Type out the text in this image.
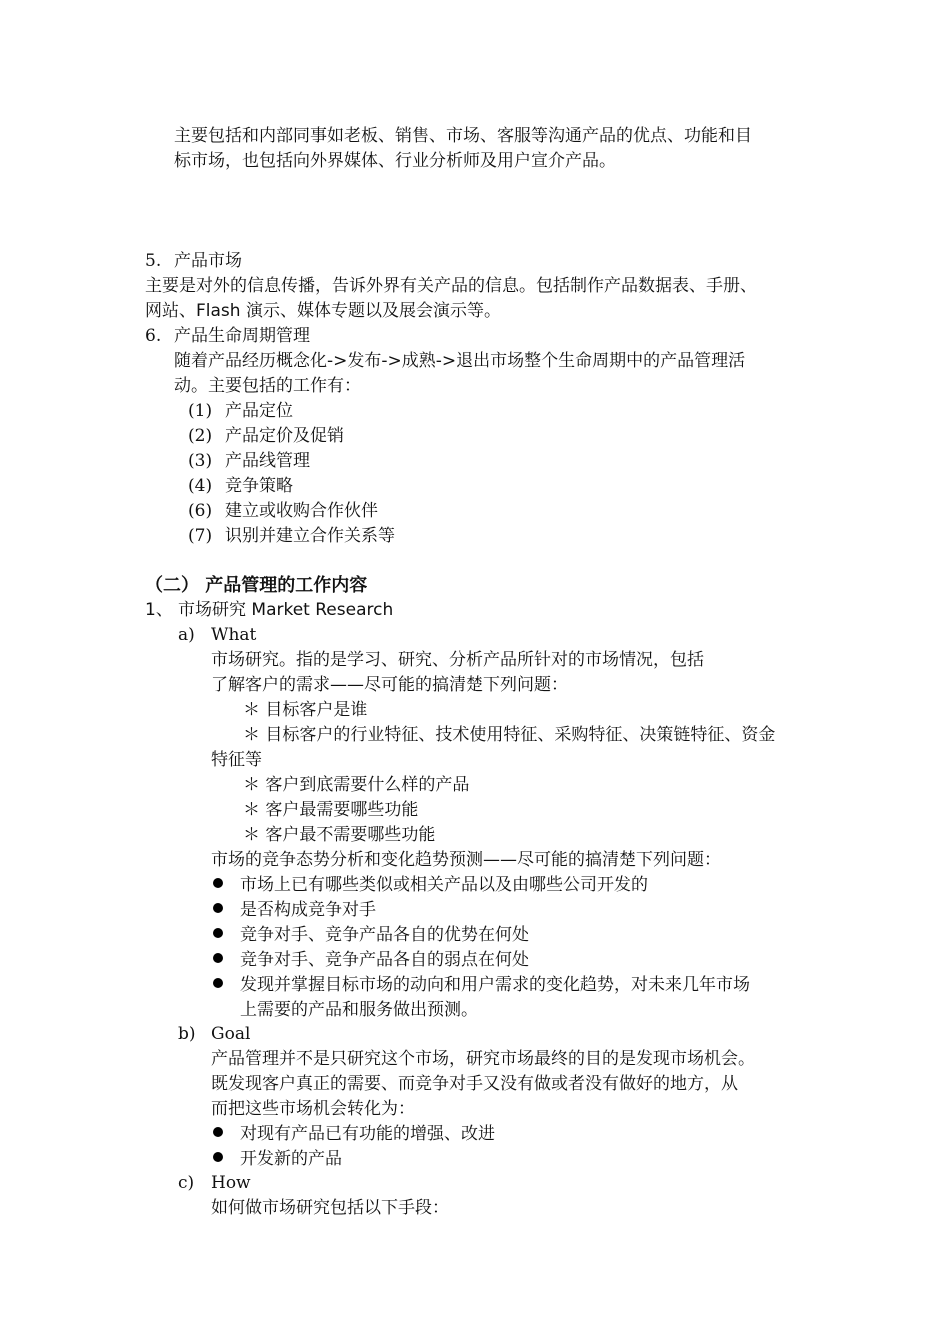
主要包括和内部同事如老板、销售、市场、客服等沟通产品的优点、功能和目
标市场，也包括向外界媒体、行业分析师及用户宣介产品。
5. 产品市场
主要是对外的信息传播，告诉外界有关产品的信息。包括制作产品数据表、手册、
网站、Flash 演示、媒体专题以及展会演示等。
6. 产品生命周期管理
随着产品经历概念化->发布->成熟->退出市场整个生命周期中的产品管理活
动。主要包括的工作有：
(1) 产品定位
(2) 产品定价及促销
(3) 产品线管理
(4) 竞争策略
(6) 建立或收购合作伙伴
(7) 识别并建立合作关系等
（二） 产品管理的工作内容
1、 市场研究 Market Research
a) What
市场研究。指的是学习、研究、分析产品所针对的市场情况，包括
了解客户的需求——尽可能的搞清楚下列问题：
＊ 目标客户是谁
＊ 目标客户的行业特征、技术使用特征、采购特征、决策链特征、资金
特征等
＊ 客户到底需要什么样的产品
＊ 客户最需要哪些功能
＊ 客户最不需要哪些功能
市场的竞争态势分析和变化趋势预测——尽可能的搞清楚下列问题：
市场上已有哪些类似或相关产品以及由哪些公司开发的
是否构成竞争对手
竞争对手、竞争产品各自的优势在何处
竞争对手、竞争产品各自的弱点在何处
发现并掌握目标市场的动向和用户需求的变化趋势，对未来几年市场
上需要的产品和服务做出预测。
b) Goal
产品管理并不是只研究这个市场，研究市场最终的目的是发现市场机会。
既发现客户真正的需要、而竞争对手又没有做或者没有做好的地方，从
而把这些市场机会转化为：
对现有产品已有功能的增强、改进
开发新的产品
c) How
如何做市场研究包括以下手段：
